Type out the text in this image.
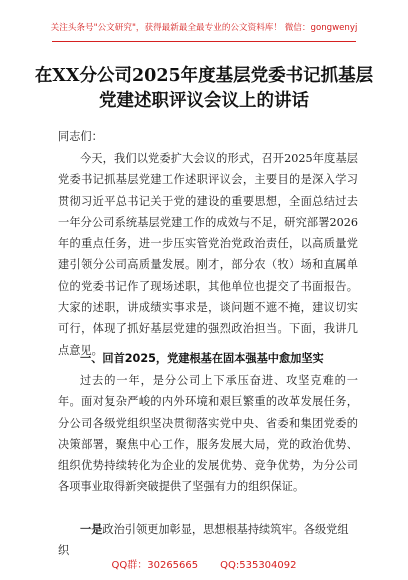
关注头条号"公文研究"，获得最新最全最专业的公文资料库！ 微信：gongwenyj
在XX分公司2025年度基层党委书记抓基层党建述职评议会议上的讲话
同志们：
今天，我们以党委扩大会议的形式，召开2025年度基层党委书记抓基层党建工作述职评议会，主要目的是深入学习贯彻习近平总书记关于党的建设的重要思想，全面总结过去一年分公司系统基层党建工作的成效与不足，研究部署2026年的重点任务，进一步压实管党治党政治责任，以高质量党建引领分公司高质量发展。刚才，部分农（牧）场和直属单位的党委书记作了现场述职，其他单位也提交了书面报告。大家的述职，讲成绩实事求是，谈问题不遮不掩，建议切实可行，体现了抓好基层党建的强烈政治担当。下面，我讲几点意见。
一、回首2025，党建根基在固本强基中愈加坚实
过去的一年，是分公司上下承压奋进、攻坚克难的一年。面对复杂严峻的内外环境和艰巨繁重的改革发展任务，分公司各级党组织坚决贯彻落实党中央、省委和集团党委的决策部署，聚焦中心工作，服务发展大局，党的政治优势、组织优势持续转化为企业的发展优势、竞争优势，为分公司各项事业取得新突破提供了坚强有力的组织保证。
一是政治引领更加彰显，思想根基持续筑牢。各级党组织
QQ群：30265665 QQ:535304092
